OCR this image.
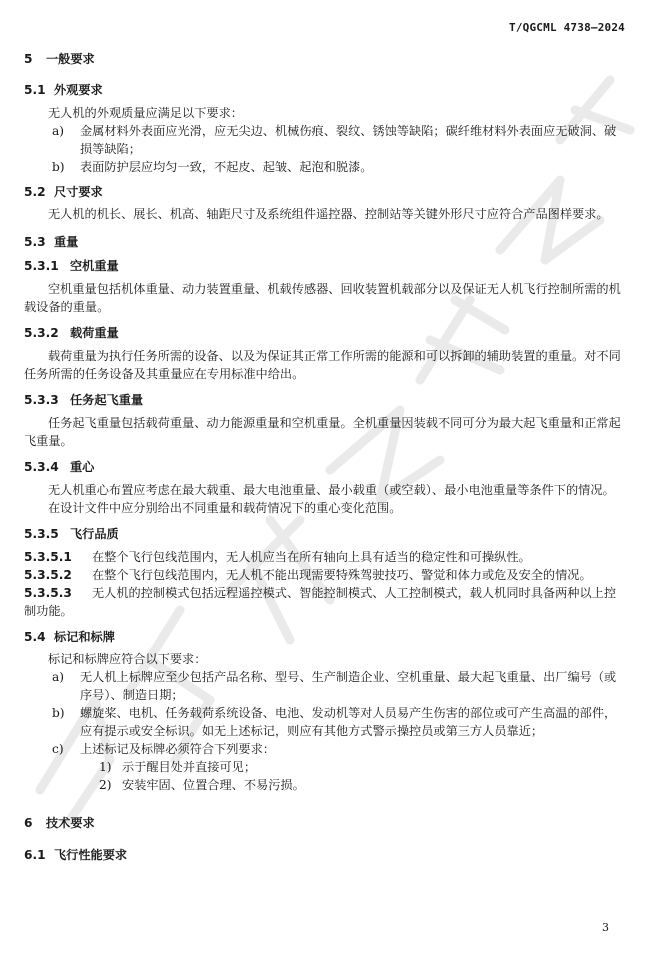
T/QGCML 4738—2024
5 一般要求
5.1 外观要求
无人机的外观质量应满足以下要求：
a) 金属材料外表面应光滑，应无尖边、机械伤痕、裂纹、锈蚀等缺陷；碳纤维材料外表面应无破洞、破损等缺陷；
b) 表面防护层应均匀一致，不起皮、起皱、起泡和脱漆。
5.2 尺寸要求
无人机的机长、展长、机高、轴距尺寸及系统组件遥控器、控制站等关键外形尺寸应符合产品图样要求。
5.3 重量
5.3.1 空机重量
空机重量包括机体重量、动力装置重量、机载传感器、回收装置机载部分以及保证无人机飞行控制所需的机载设备的重量。
5.3.2 载荷重量
载荷重量为执行任务所需的设备、以及为保证其正常工作所需的能源和可以拆卸的辅助装置的重量。对不同任务所需的任务设备及其重量应在专用标准中给出。
5.3.3 任务起飞重量
任务起飞重量包括载荷重量、动力能源重量和空机重量。全机重量因装载不同可分为最大起飞重量和正常起飞重量。
5.3.4 重心
无人机重心布置应考虑在最大载重、最大电池重量、最小载重（或空载）、最小电池重量等条件下的情况。
在设计文件中应分别给出不同重量和载荷情况下的重心变化范围。
5.3.5 飞行品质
5.3.5.1 在整个飞行包线范围内，无人机应当在所有轴向上具有适当的稳定性和可操纵性。
5.3.5.2 在整个飞行包线范围内，无人机不能出现需要特殊驾驶技巧、警觉和体力或危及安全的情况。
5.3.5.3 无人机的控制模式包括远程遥控模式、智能控制模式、人工控制模式，载人机同时具备两种以上控制功能。
5.4 标记和标牌
标记和标牌应符合以下要求：
a) 无人机上标牌应至少包括产品名称、型号、生产制造企业、空机重量、最大起飞重量、出厂编号（或序号）、制造日期；
b) 螺旋桨、电机、任务载荷系统设备、电池、发动机等对人员易产生伤害的部位或可产生高温的部件，应有提示或安全标识。如无上述标记，则应有其他方式警示操控员或第三方人员靠近；
c) 上述标记及标牌必须符合下列要求：
1) 示于醒目处并直接可见；
2) 安装牢固、位置合理、不易污损。
6 技术要求
6.1 飞行性能要求
3
